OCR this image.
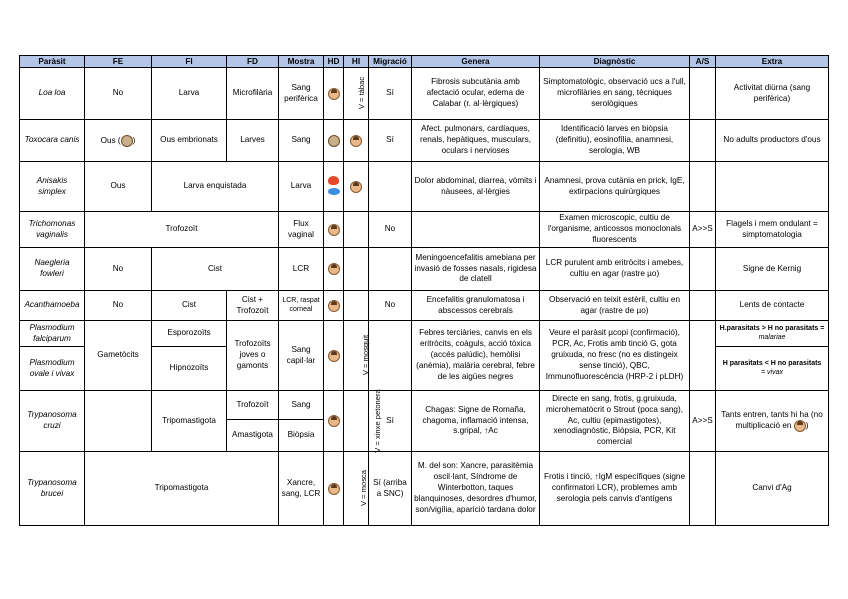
Paràsit	FE	FI	FD	Mostra	HD	HI	Migració	Genera	Diagnòstic	A/S	Extra
Loa loa	No	Larva	Microfilària	Sang perifèrica		V = tàbac	Sí	Fibrosis subcutània amb afectació ocular, edema de Calabar (r. al·lèrgiques)	Simptomatològic, observació ucs a l'ull, microfilàries en sang, tècniques serològiques		Activitat diürna (sang perifèrica)
Toxocara canis	Ous ( )	Ous embrionats	Larves	Sang			Sí	Afect. pulmonars, cardíaques, renals, hepàtiques, musculars, oculars i nervioses	Identificació larves en biòpsia (definitiu), eosinofília, anamnesi, serologia, WB		No adults productors d'ous
Anisakis simplex	Ous	Larva enquistada		Larva				Dolor abdominal, diarrea, vòmits i nàusees, al·lèrgies	Anamnesi, prova cutània en prick, IgE, extirpacions quirúrgiques		
Trichomonas vaginalis	Trofozoït			Flux vaginal			No		Examen microscopic, cultiu de l'organisme, anticossos monoclonals fluorescents	A>>S	Flagels i mem ondulant = simptomatologia
Naegleria fowleri	No	Cist		LCR				Meningoencefalitis amebiana per invasió de fosses nasals, rigidesa de clatell	LCR purulent amb eritròcits i amebes, cultiu en agar (rastre µo)		Signe de Kernig
Acanthamoeba	No	Cist	Cist + Trofozoït	LCR, raspat corneal			No	Encefalitis granulomatosa i abscessos cerebrals	Observació en teixit estèril, cultiu en agar (rastre de µo)		Lents de contacte
Plasmodium falciparum	Gametòcits	Esporozoïts	Trofozoïts joves o gamonts	Sang capil·lar		V = mosquit		Febres terciàries, canvis en els eritròcits, coàguls, acció tòxica (accés palúdic), hemòlisi (anèmia), malària cerebral, febre de les aigües negres	Veure el paràsit µcopi (confirmació), PCR, Ac, Frotis amb tinció G, gota gruixuda, no fresc (no es distingeix sense tinció), QBC, Immunofluorescència (HRP-2 i pLDH)		H.parasitats > H no parasitats =
malariae
Plasmodium ovale i vivax		Hipnozoïts									H parasitats < H no parasitats
= vivax
Trypanosoma cruzi		Tripomastigota	Trofozoït	Sang		V = xinxe petonera	Sí	Chagas: Signe de Romaña, chagoma, inflamació intensa, s.gripal, ↑Ac	Directe en sang, frotis, g.gruixuda, microhematòcrit o Strout (poca sang), Ac, cultiu (epimastigotes), xenodiagnòstic, Biòpsia, PCR, Kit comercial	A>>S	Tants entren, tants hi ha (no multiplicació en )
			Amastigota	Biòpsia							
Trypanosoma brucei	Tripomastigota			Xancre, sang, LCR		V = mosca	Sí (arriba a SNC)	M. del son: Xancre, parasitèmia oscil·lant, Síndrome de Winterbotton, taques blanquinoses, desordres d'humor, son/vigília, aparició tardana dolor	Frotis i tinció, ↑IgM específiques (signe confirmatori LCR), problemes amb serologia pels canvis d'antígens		Canvi d'Ag
